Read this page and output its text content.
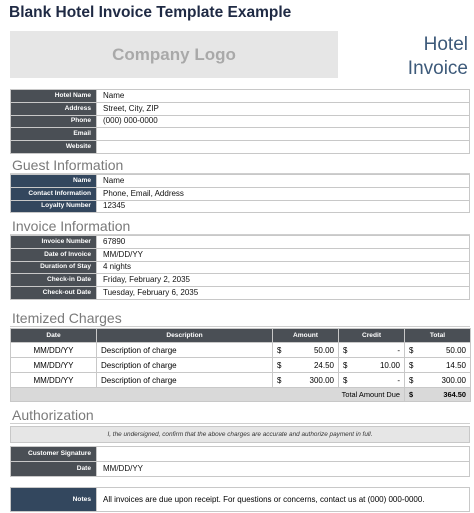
Blank Hotel Invoice Template Example
Company Logo	Hotel
Invoice
Hotel Name	Name
Address	Street, City, ZIP
Phone	(000) 000-0000
Email	
Website	
Guest Information
Name	Name
Contact Information	Phone, Email, Address
Loyalty Number	12345
Invoice Information
Invoice Number	67890
Date of Invoice	MM/DD/YY
Duration of Stay	4 nights
Check-in Date	Friday, February 2, 2035
Check-out Date	Tuesday, February 6, 2035
Itemized Charges
Date	Description	Amount	Credit	Total
MM/DD/YY	Description of charge	$ 50.00	$ -	$ 50.00
MM/DD/YY	Description of charge	$ 24.50	$ 10.00	$ 14.50
MM/DD/YY	Description of charge	$ 300.00	$ -	$ 300.00
Total Amount Due				$ 364.50
Authorization
I, the undersigned, confirm that the above charges are accurate and authorize payment in full.
Customer Signature	
Date	MM/DD/YY
Notes	All invoices are due upon receipt. For questions or concerns, contact us at (000) 000-0000.
